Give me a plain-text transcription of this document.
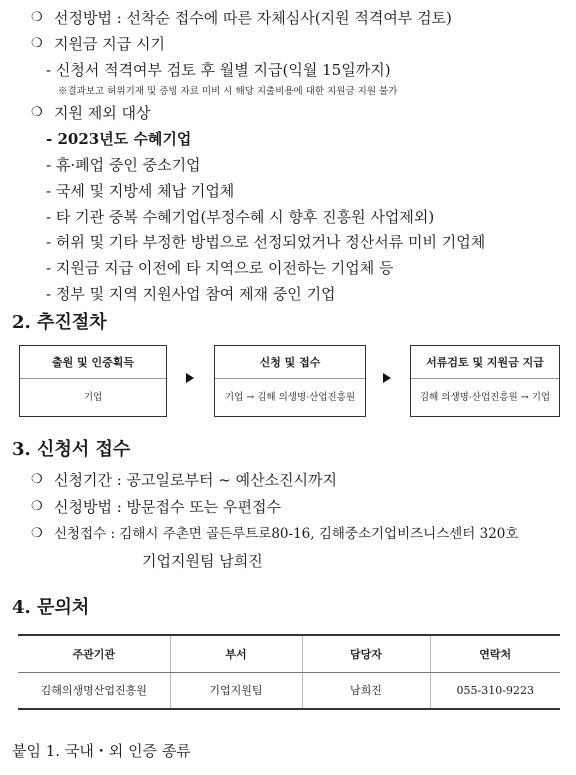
❍ 선정방법 : 선착순 접수에 따른 자체심사(지원 적격여부 검토)
❍ 지원금 지급 시기
- 신청서 적격여부 검토 후 월별 지급(익월 15일까지)
※결과보고 허위기재 및 증빙 자료 미비 시 해당 지출비용에 대한 지원금 지원 불가
❍ 지원 제외 대상
- 2023년도 수혜기업
- 휴·폐업 중인 중소기업
- 국세 및 지방세 체납 기업체
- 타 기관 중복 수혜기업(부정수혜 시 향후 진흥원 사업제외)
- 허위 및 기타 부정한 방법으로 선정되었거나 정산서류 미비 기업체
- 지원금 지급 이전에 타 지역으로 이전하는 기업체 등
- 정부 및 지역 지원사업 참여 제재 중인 기업
2. 추진절차
출원 및 인증획득
기업
신청 및 접수
기업 → 김해 의생명·산업진흥원
서류검토 및 지원금 지급
김해 의생명·산업진흥원 → 기업
3. 신청서 접수
❍ 신청기간 : 공고일로부터 ~ 예산소진시까지
❍ 신청방법 : 방문접수 또는 우편접수
❍ 신청접수 : 김해시 주촌면 골든루트로80-16, 김해중소기업비즈니스센터 320호
기업지원팀 남희진
4. 문의처
주관기관	부서	담당자	연락처
김해의생명산업진흥원	기업지원팀	남희진	055-310-9223
붙임 1. 국내・외 인증 종류
